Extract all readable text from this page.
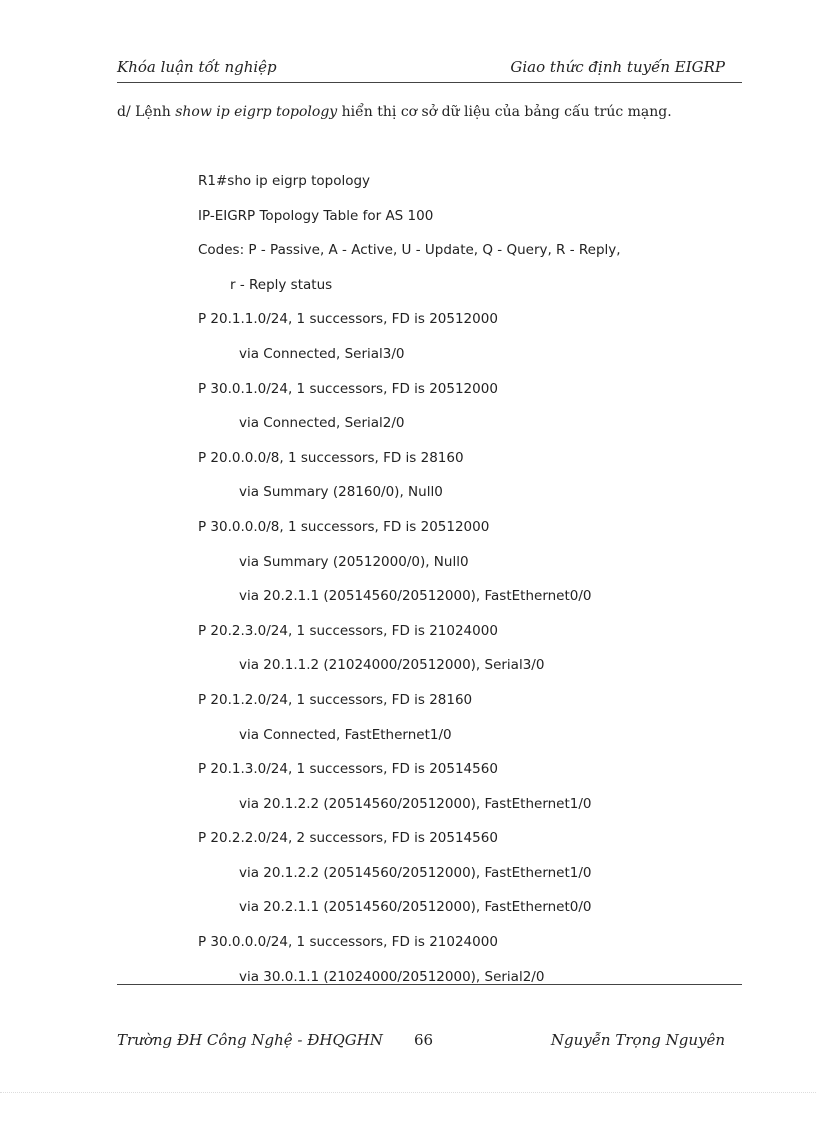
Khóa luận tốt nghiệp	Giao thức định tuyến EIGRP
d/ Lệnh show ip eigrp topology hiển thị cơ sở dữ liệu của bảng cấu trúc mạng.
R1#sho ip eigrp topology
IP-EIGRP Topology Table for AS 100
Codes: P - Passive, A - Active, U - Update, Q - Query, R - Reply,
r - Reply status
P 20.1.1.0/24, 1 successors, FD is 20512000
via Connected, Serial3/0
P 30.0.1.0/24, 1 successors, FD is 20512000
via Connected, Serial2/0
P 20.0.0.0/8, 1 successors, FD is 28160
via Summary (28160/0), Null0
P 30.0.0.0/8, 1 successors, FD is 20512000
via Summary (20512000/0), Null0
via 20.2.1.1 (20514560/20512000), FastEthernet0/0
P 20.2.3.0/24, 1 successors, FD is 21024000
via 20.1.1.2 (21024000/20512000), Serial3/0
P 20.1.2.0/24, 1 successors, FD is 28160
via Connected, FastEthernet1/0
P 20.1.3.0/24, 1 successors, FD is 20514560
via 20.1.2.2 (20514560/20512000), FastEthernet1/0
P 20.2.2.0/24, 2 successors, FD is 20514560
via 20.1.2.2 (20514560/20512000), FastEthernet1/0
via 20.2.1.1 (20514560/20512000), FastEthernet0/0
P 30.0.0.0/24, 1 successors, FD is 21024000
via 30.0.1.1 (21024000/20512000), Serial2/0
Trường ĐH Công Nghệ - ĐHQGHN 66	Nguyễn Trọng Nguyên
